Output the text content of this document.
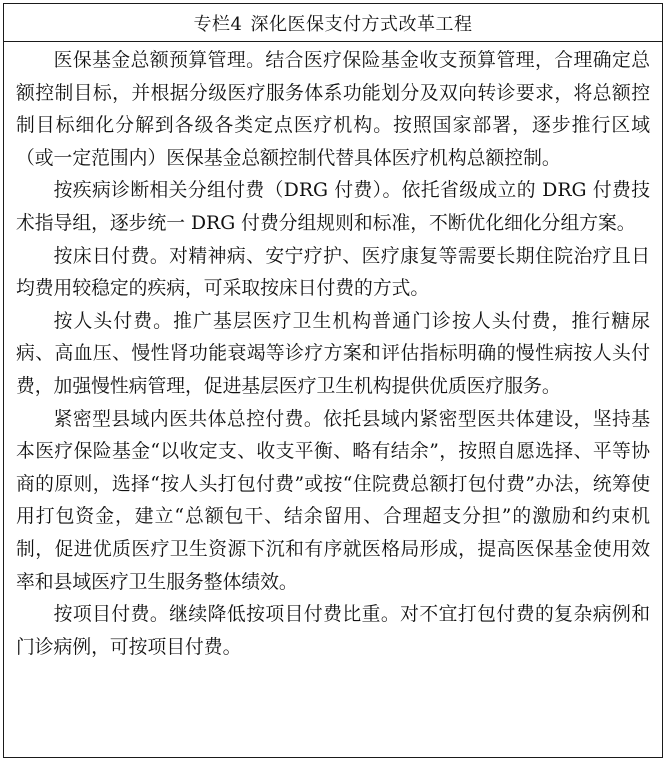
专栏4 深化医保支付方式改革工程

医保基金总额预算管理。结合医疗保险基金收支预算管理，合理确定总额控制目标，并根据分级医疗服务体系功能划分及双向转诊要求，将总额控制目标细化分解到各级各类定点医疗机构。按照国家部署，逐步推行区域（或一定范围内）医保基金总额控制代替具体医疗机构总额控制。

按疾病诊断相关分组付费（DRG 付费）。依托省级成立的 DRG 付费技术指导组，逐步统一 DRG 付费分组规则和标准，不断优化细化分组方案。

按床日付费。对精神病、安宁疗护、医疗康复等需要长期住院治疗且日均费用较稳定的疾病，可采取按床日付费的方式。

按人头付费。推广基层医疗卫生机构普通门诊按人头付费，推行糖尿病、高血压、慢性肾功能衰竭等诊疗方案和评估指标明确的慢性病按人头付费，加强慢性病管理，促进基层医疗卫生机构提供优质医疗服务。

紧密型县域内医共体总控付费。依托县域内紧密型医共体建设，坚持基本医疗保险基金“以收定支、收支平衡、略有结余”，按照自愿选择、平等协商的原则，选择“按人头打包付费”或按“住院费总额打包付费”办法，统筹使用打包资金，建立“总额包干、结余留用、合理超支分担”的激励和约束机制，促进优质医疗卫生资源下沉和有序就医格局形成，提高医保基金使用效率和县域医疗卫生服务整体绩效。

按项目付费。继续降低按项目付费比重。对不宜打包付费的复杂病例和门诊病例，可按项目付费。
